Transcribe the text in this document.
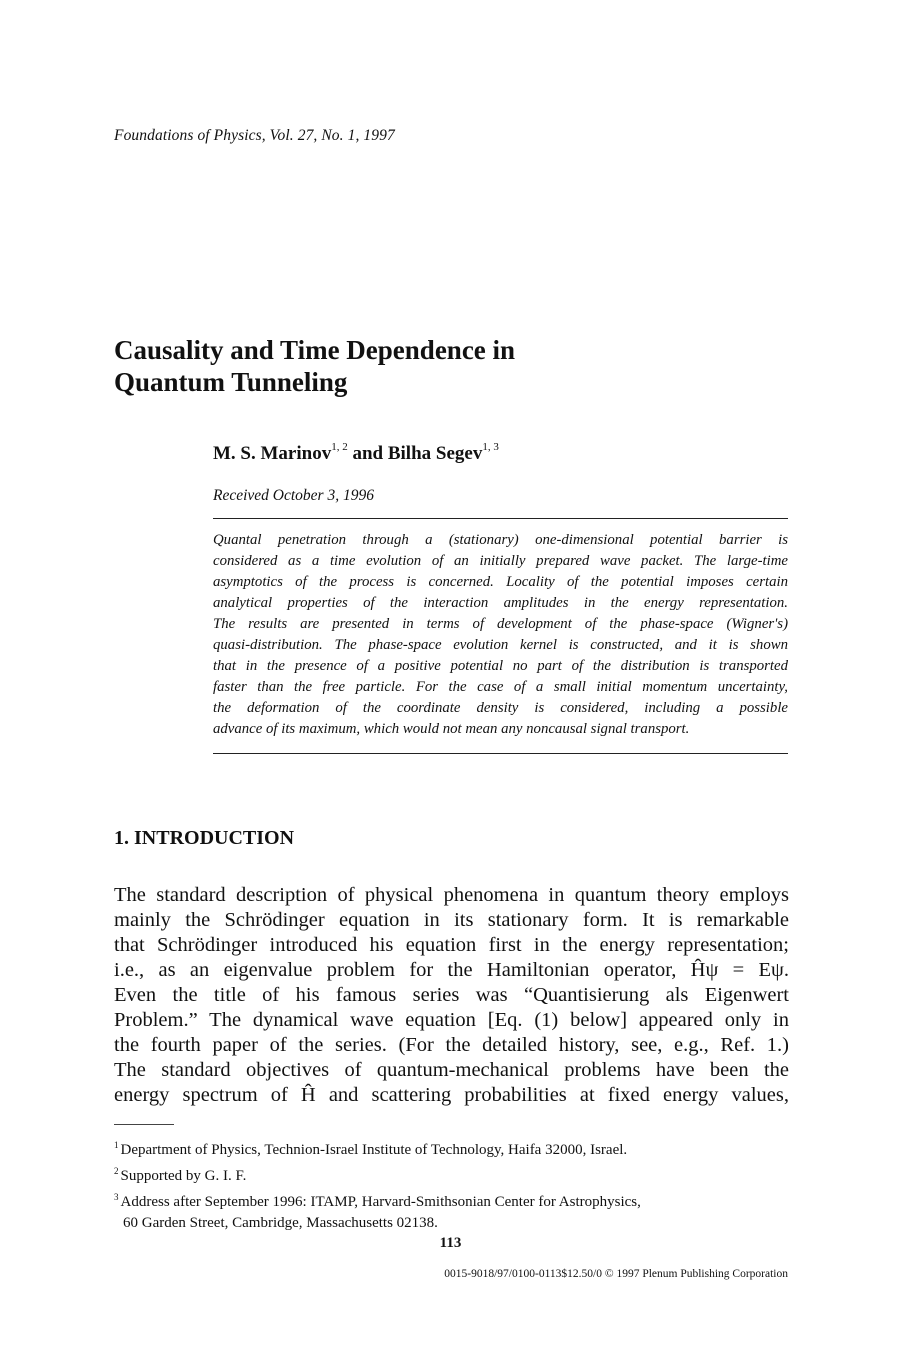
Foundations of Physics, Vol. 27, No. 1, 1997
Causality and Time Dependence in
Quantum Tunneling
M. S. Marinov$^{1, 2}$ and Bilha Segev$^{1, 3}$
Received October 3, 1996
Quantal penetration through a (stationary) one-dimensional potential barrier is
considered as a time evolution of an initially prepared wave packet. The large-time
asymptotics of the process is concerned. Locality of the potential imposes certain
analytical properties of the interaction amplitudes in the energy representation.
The results are presented in terms of development of the phase-space (Wigner's)
quasi-distribution. The phase-space evolution kernel is constructed, and it is shown
that in the presence of a positive potential no part of the distribution is transported
faster than the free particle. For the case of a small initial momentum uncertainty,
the deformation of the coordinate density is considered, including a possible
advance of its maximum, which would not mean any noncausal signal transport.
1. INTRODUCTION
The standard description of physical phenomena in quantum theory employs
mainly the Schrödinger equation in its stationary form. It is remarkable
that Schrödinger introduced his equation first in the energy representation;
i.e., as an eigenvalue problem for the Hamiltonian operator, Ĥψ = Eψ.
Even the title of his famous series was “Quantisierung als Eigenwert
Problem.” The dynamical wave equation [Eq. (1) below] appeared only in
the fourth paper of the series. (For the detailed history, see, e.g., Ref. 1.)
The standard objectives of quantum-mechanical problems have been the
energy spectrum of Ĥ and scattering probabilities at fixed energy values,
$^1$ Department of Physics, Technion-Israel Institute of Technology, Haifa 32000, Israel.
$^2$ Supported by G. I. F.
$^3$ Address after September 1996: ITAMP, Harvard-Smithsonian Center for Astrophysics,
60 Garden Street, Cambridge, Massachusetts 02138.
113
0015-9018/97/0100-0113$12.50/0 © 1997 Plenum Publishing Corporation
